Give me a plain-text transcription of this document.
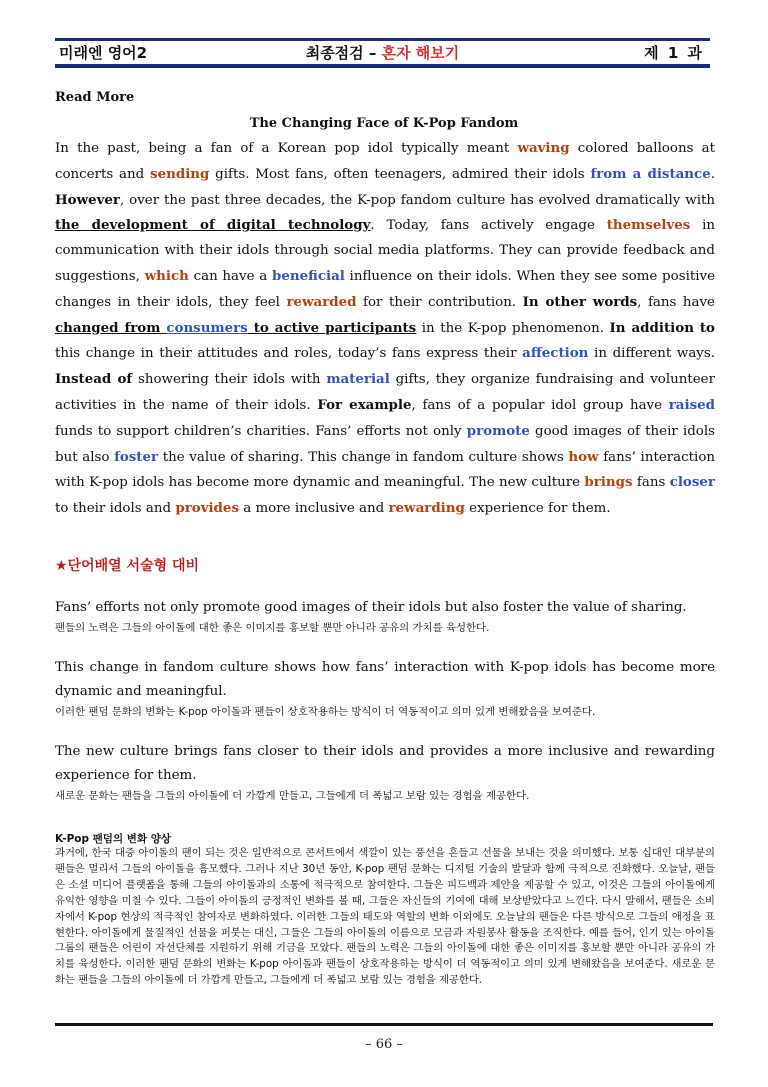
미래엔 영어2	최종점검 – 혼자 해보기	제 1 과
Read More
The Changing Face of K-Pop Fandom
In the past, being a fan of a Korean pop idol typically meant waving colored balloons at concerts and sending gifts. Most fans, often teenagers, admired their idols from a distance. However, over the past three decades, the K-pop fandom culture has evolved dramatically with the development of digital technology. Today, fans actively engage themselves in communication with their idols through social media platforms. They can provide feedback and suggestions, which can have a beneficial influence on their idols. When they see some positive changes in their idols, they feel rewarded for their contribution. In other words, fans have changed from consumers to active participants in the K-pop phenomenon. In addition to this change in their attitudes and roles, today’s fans express their affection in different ways. Instead of showering their idols with material gifts, they organize fundraising and volunteer activities in the name of their idols. For example, fans of a popular idol group have raised funds to support children’s charities. Fans’ efforts not only promote good images of their idols but also foster the value of sharing. This change in fandom culture shows how fans’ interaction with K-pop idols has become more dynamic and meaningful. The new culture brings fans closer to their idols and provides a more inclusive and rewarding experience for them.
★단어배열 서술형 대비
Fans’ efforts not only promote good images of their idols but also foster the value of sharing.
팬들의 노력은 그들의 아이돌에 대한 좋은 이미지를 홍보할 뿐만 아니라 공유의 가치를 육성한다.
This change in fandom culture shows how fans’ interaction with K-pop idols has become more dynamic and meaningful.
이러한 팬덤 문화의 변화는 K-pop 아이돌과 팬들이 상호작용하는 방식이 더 역동적이고 의미 있게 변해왔음을 보여준다.
The new culture brings fans closer to their idols and provides a more inclusive and rewarding experience for them.
새로운 문화는 팬들을 그들의 아이돌에 더 가깝게 만들고, 그들에게 더 폭넓고 보람 있는 경험을 제공한다.
K-Pop 팬덤의 변화 양상
과거에, 한국 대중 아이돌의 팬이 되는 것은 일반적으로 콘서트에서 색깔이 있는 풍선을 흔들고 선물을 보내는 것을 의미했다. 보통 십대인 대부분의 팬들은 멀리서 그들의 아이돌을 흠모했다. 그러나 지난 30년 동안, K-pop 팬덤 문화는 디지털 기술의 발달과 함께 극적으로 진화했다. 오늘날, 팬들은 소셜 미디어 플랫폼을 통해 그들의 아이돌과의 소통에 적극적으로 참여한다. 그들은 피드백과 제안을 제공할 수 있고, 이것은 그들의 아이돌에게 유익한 영향을 미칠 수 있다. 그들이 아이돌의 긍정적인 변화를 볼 때, 그들은 자신들의 기여에 대해 보상받았다고 느낀다. 다시 말해서, 팬들은 소비자에서 K-pop 현상의 적극적인 참여자로 변화하였다. 이러한 그들의 태도와 역할의 변화 이외에도 오늘날의 팬들은 다른 방식으로 그들의 애정을 표현한다. 아이돌에게 물질적인 선물을 퍼붓는 대신, 그들은 그들의 아이돌의 이름으로 모금과 자원봉사 활동을 조직한다. 예를 들어, 인기 있는 아이돌 그룹의 팬들은 어린이 자선단체를 지원하기 위해 기금을 모았다. 팬들의 노력은 그들의 아이돌에 대한 좋은 이미지를 홍보할 뿐만 아니라 공유의 가치를 육성한다. 이러한 팬덤 문화의 변화는 K-pop 아이돌과 팬들이 상호작용하는 방식이 더 역동적이고 의미 있게 변해왔음을 보여준다. 새로운 문화는 팬들을 그들의 아이돌에 더 가깝게 만들고, 그들에게 더 폭넓고 보람 있는 경험을 제공한다.
– 66 –
